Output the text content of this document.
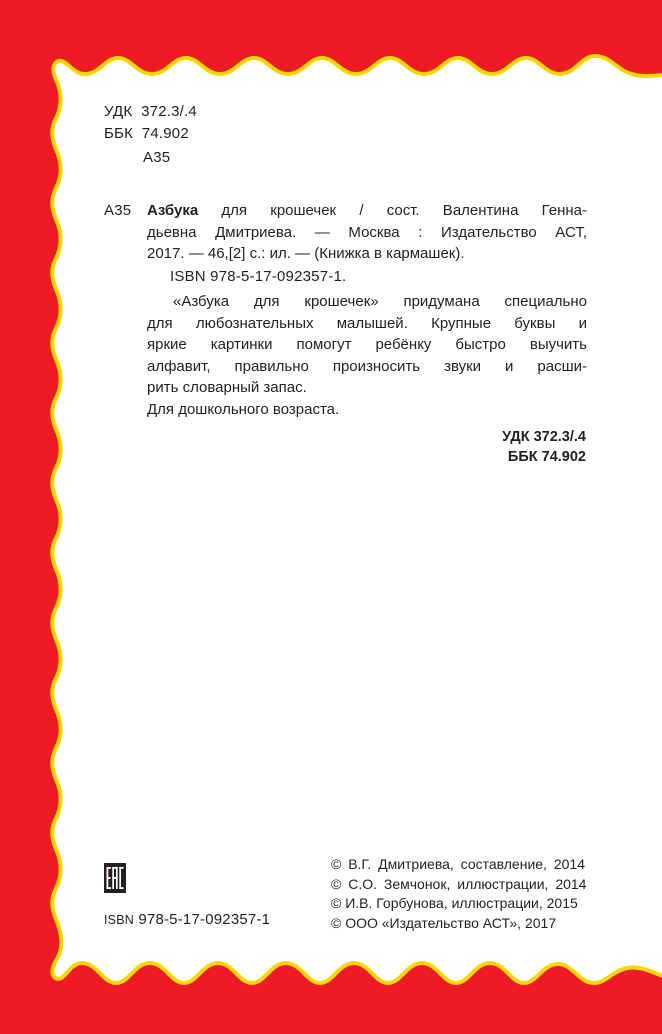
УДК 372.3/.4
ББК 74.902
А35
А35 Азбука для крошечек / сост. Валентина Генна-
дьевна Дмитриева. — Москва : Издательство АСТ,
2017. — 46,[2] с.: ил. — (Книжка в кармашек).
ISBN 978-5-17-092357-1.
«Азбука для крошечек» придумана специально
для любознательных малышей. Крупные буквы и
яркие картинки помогут ребёнку быстро выучить
алфавит, правильно произносить звуки и расши-
рить словарный запас.
Для дошкольного возраста.
УДК 372.3/.4
ББК 74.902
ISBN 978-5-17-092357-1
© В.Г. Дмитриева, составление, 2014
© С.О. Земчонок, иллюстрации, 2014
© И.В. Горбунова, иллюстрации, 2015
© ООО «Издательство АСТ», 2017
